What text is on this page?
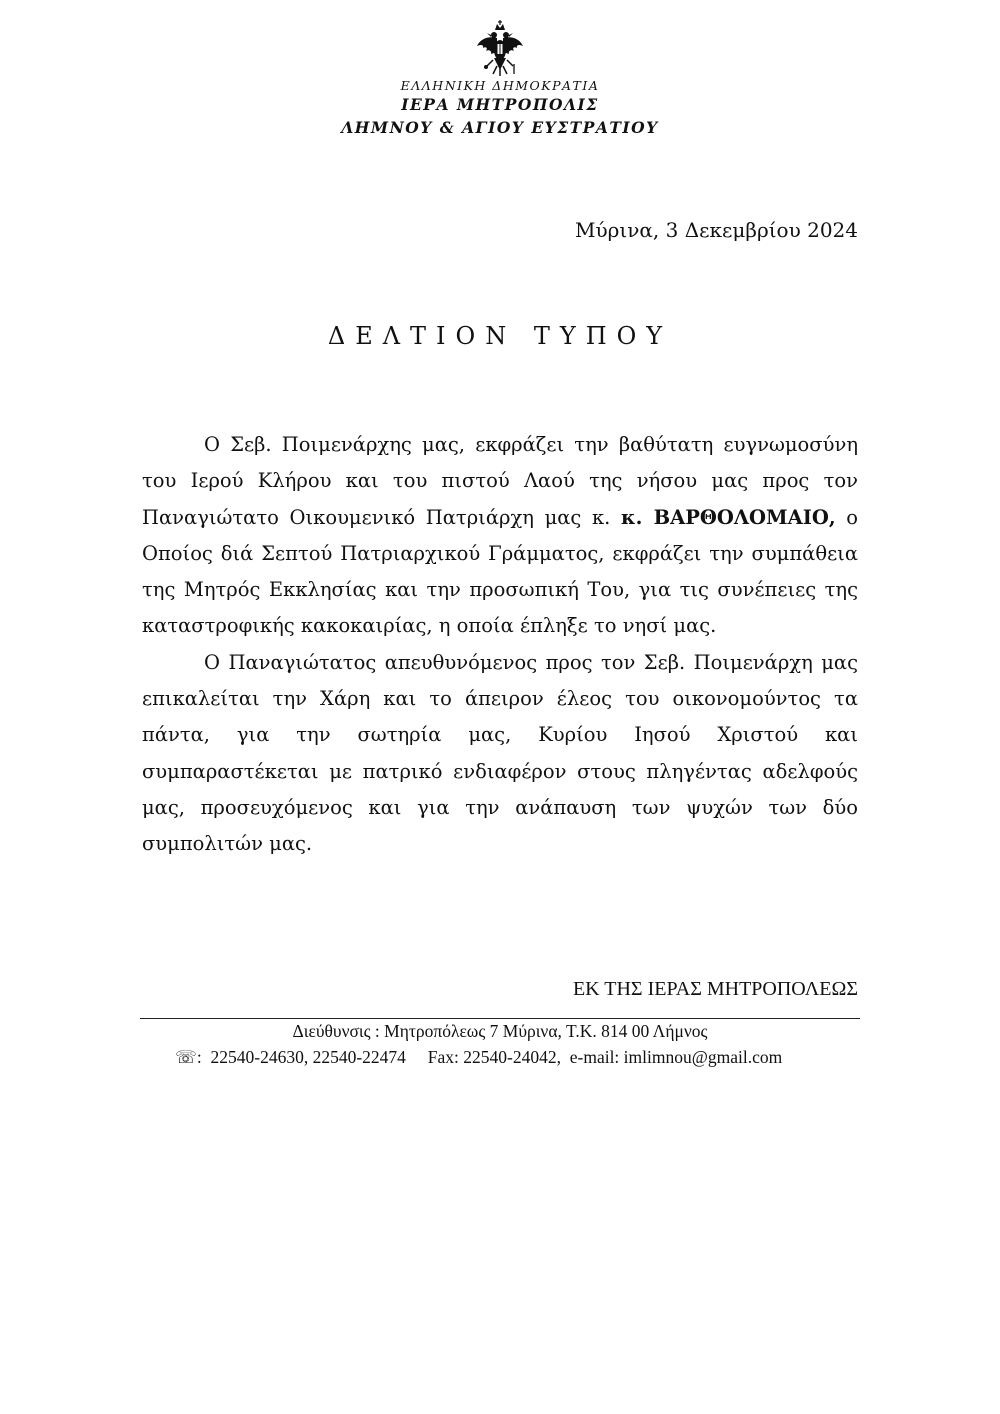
ΕΛΛΗΝΙΚΗ ΔΗΜΟΚΡΑΤΙΑ
ΙΕΡΑ ΜΗΤΡΟΠΟΛΙΣ
ΛΗΜΝΟΥ & ΑΓΙΟΥ ΕΥΣΤΡΑΤΙΟΥ
Μύρινα, 3 Δεκεμβρίου 2024
ΔΕΛΤΙΟΝ ΤΥΠΟΥ

Ο Σεβ. Ποιμενάρχης μας, εκφράζει την βαθύτατη ευγνωμοσύνη του Ιερού Κλήρου και του πιστού Λαού της νήσου μας προς τον Παναγιώτατο Οικουμενικό Πατριάρχη μας κ. κ. ΒΑΡΘΟΛΟΜΑΙΟ, ο Οποίος διά Σεπτού Πατριαρχικού Γράμματος, εκφράζει την συμπάθεια της Μητρός Εκκλησίας και την προσωπική Του, για τις συνέπειες της καταστροφικής κακοκαιρίας, η οποία έπληξε το νησί μας.

Ο Παναγιώτατος απευθυνόμενος προς τον Σεβ. Ποιμενάρχη μας επικαλείται την Χάρη και το άπειρον έλεος του οικονομούντος τα πάντα, για την σωτηρία μας, Κυρίου Ιησού Χριστού και συμπαραστέκεται με πατρικό ενδιαφέρον στους πληγέντας αδελφούς μας, προσευχόμενος και για την ανάπαυση των ψυχών των δύο συμπολιτών μας.

ΕΚ ΤΗΣ ΙΕΡΑΣ ΜΗΤΡΟΠΟΛΕΩΣ
Διεύθυνσις : Μητροπόλεως 7 Μύρινα, Τ.Κ. 814 00 Λήμνος
☏: 22540-24630, 22540-22474 Fax: 22540-24042, e-mail: imlimnou@gmail.com
